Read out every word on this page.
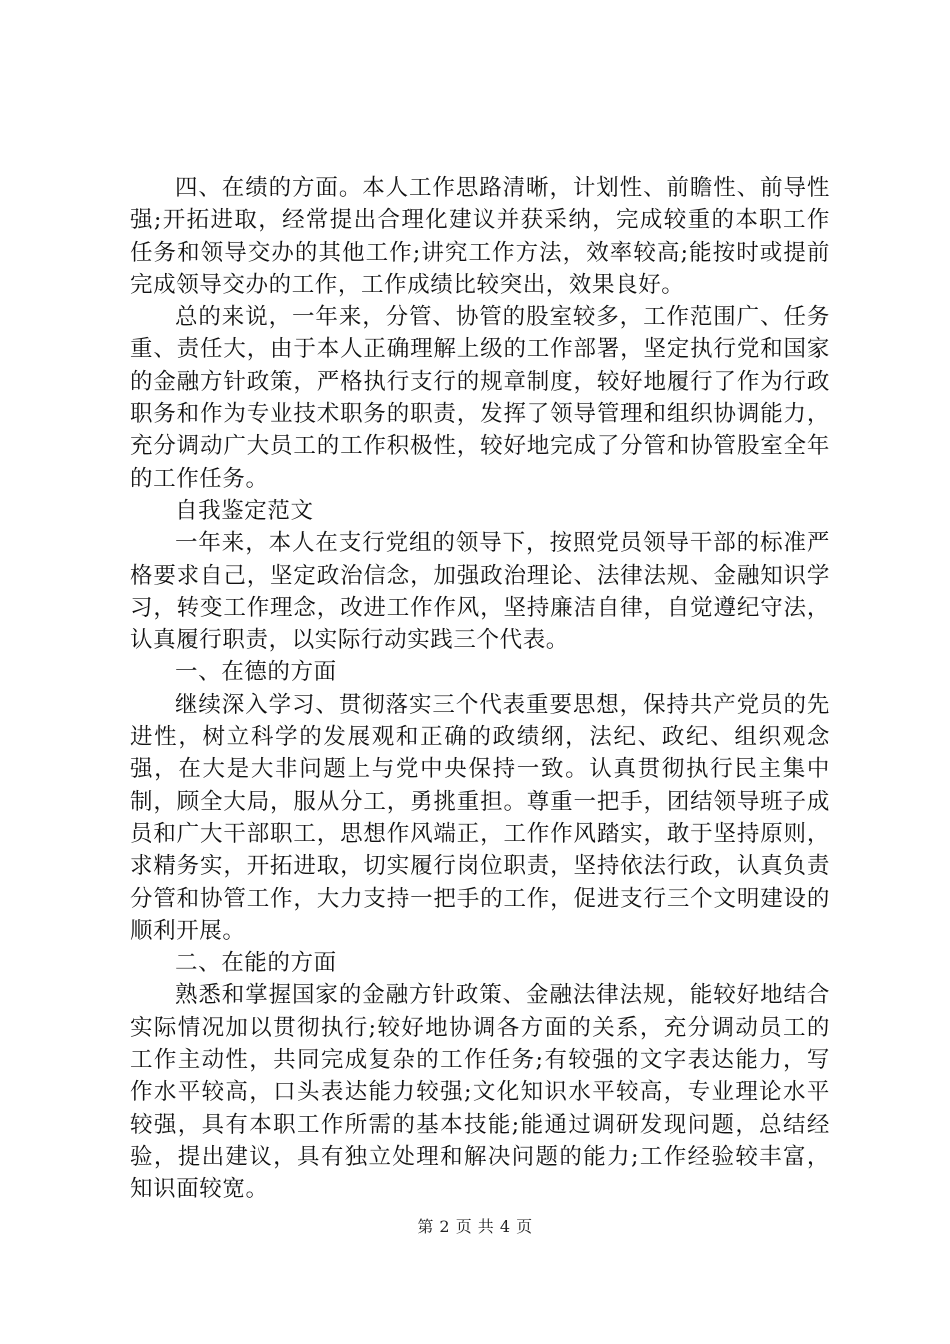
四、在绩的方面。本人工作思路清晰，计划性、前瞻性、前导性强;开拓进取，经常提出合理化建议并获采纳，完成较重的本职工作任务和领导交办的其他工作;讲究工作方法，效率较高;能按时或提前完成领导交办的工作，工作成绩比较突出，效果良好。

总的来说，一年来，分管、协管的股室较多，工作范围广、任务重、责任大，由于本人正确理解上级的工作部署，坚定执行党和国家的金融方针政策，严格执行支行的规章制度，较好地履行了作为行政职务和作为专业技术职务的职责，发挥了领导管理和组织协调能力，充分调动广大员工的工作积极性，较好地完成了分管和协管股室全年的工作任务。

自我鉴定范文

一年来，本人在支行党组的领导下，按照党员领导干部的标准严格要求自己，坚定政治信念，加强政治理论、法律法规、金融知识学习，转变工作理念，改进工作作风，坚持廉洁自律，自觉遵纪守法，认真履行职责，以实际行动实践三个代表。

一、在德的方面

继续深入学习、贯彻落实三个代表重要思想，保持共产党员的先进性，树立科学的发展观和正确的政绩纲，法纪、政纪、组织观念强，在大是大非问题上与党中央保持一致。认真贯彻执行民主集中制，顾全大局，服从分工，勇挑重担。尊重一把手，团结领导班子成员和广大干部职工，思想作风端正，工作作风踏实，敢于坚持原则，求精务实，开拓进取，切实履行岗位职责，坚持依法行政，认真负责分管和协管工作，大力支持一把手的工作，促进支行三个文明建设的顺利开展。

二、在能的方面

熟悉和掌握国家的金融方针政策、金融法律法规，能较好地结合实际情况加以贯彻执行;较好地协调各方面的关系，充分调动员工的工作主动性，共同完成复杂的工作任务;有较强的文字表达能力，写作水平较高，口头表达能力较强;文化知识水平较高，专业理论水平较强，具有本职工作所需的基本技能;能通过调研发现问题，总结经验，提出建议，具有独立处理和解决问题的能力;工作经验较丰富，知识面较宽。

第 2 页 共 4 页
